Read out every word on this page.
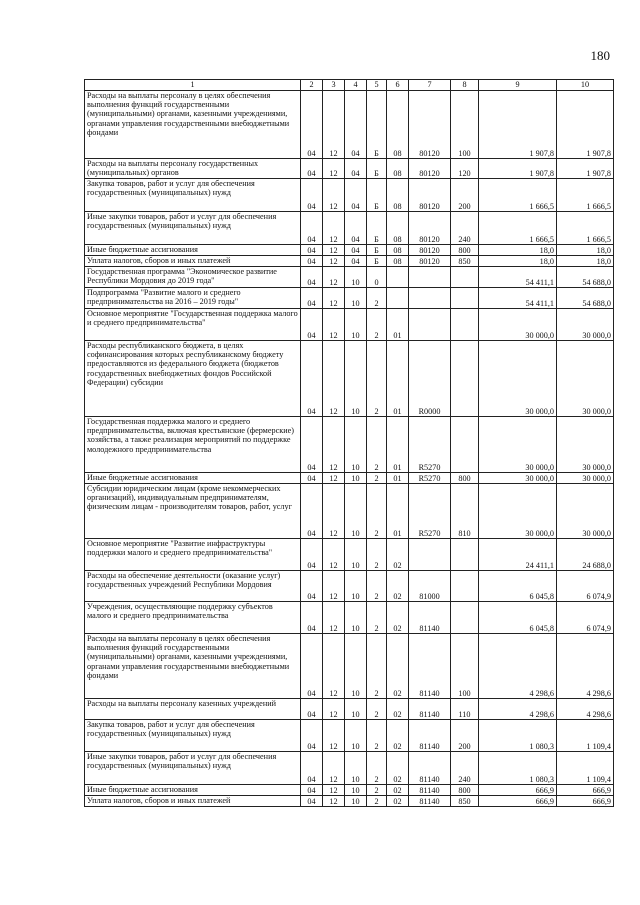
180
1	2	3	4	5	6	7	8	9	10
Расходы на выплаты персоналу в целях обеспечения выполнения функций государственными (муниципальными) органами, казенными учреждениями, органами управления государственными внебюджетными фондами	04	12	04	Б	08	80120	100	1 907,8	1 907,8
Расходы на выплаты персоналу государственных (муниципальных) органов	04	12	04	Б	08	80120	120	1 907,8	1 907,8
Закупка товаров, работ и услуг для обеспечения государственных (муниципальных) нужд	04	12	04	Б	08	80120	200	1 666,5	1 666,5
Иные закупки товаров, работ и услуг для обеспечения государственных (муниципальных) нужд	04	12	04	Б	08	80120	240	1 666,5	1 666,5
Иные бюджетные ассигнования	04	12	04	Б	08	80120	800	18,0	18,0
Уплата налогов, сборов и иных платежей	04	12	04	Б	08	80120	850	18,0	18,0
Государственная программа "Экономическое развитие Республики Мордовия до 2019 года"	04	12	10	0				54 411,1	54 688,0
Подпрограмма "Развитие малого и среднего предпринимательства на 2016 – 2019 годы"	04	12	10	2				54 411,1	54 688,0
Основное мероприятие "Государственная поддержка малого и среднего предпринимательства"	04	12	10	2	01			30 000,0	30 000,0
Расходы республиканского бюджета, в целях софинансирования которых республиканскому бюджету предоставляются из федерального бюджета (бюджетов государственных внебюджетных фондов Российской Федерации) субсидии	04	12	10	2	01	R0000		30 000,0	30 000,0
Государственная поддержка малого и среднего предпринимательства, включая крестьянские (фермерские) хозяйства, а также реализация мероприятий по поддержке молодежного предпринимательства	04	12	10	2	01	R5270		30 000,0	30 000,0
Иные бюджетные ассигнования	04	12	10	2	01	R5270	800	30 000,0	30 000,0
Субсидии юридическим лицам (кроме некоммерческих организаций), индивидуальным предпринимателям, физическим лицам - производителям товаров, работ, услуг	04	12	10	2	01	R5270	810	30 000,0	30 000,0
Основное мероприятие "Развитие инфраструктуры поддержки малого и среднего предпринимательства"	04	12	10	2	02			24 411,1	24 688,0
Расходы на обеспечение деятельности (оказание услуг) государственных учреждений Республики Мордовия	04	12	10	2	02	81000		6 045,8	6 074,9
Учреждения, осуществляющие поддержку субъектов малого и среднего предпринимательства	04	12	10	2	02	81140		6 045,8	6 074,9
Расходы на выплаты персоналу в целях обеспечения выполнения функций государственными (муниципальными) органами, казенными учреждениями, органами управления государственными внебюджетными фондами	04	12	10	2	02	81140	100	4 298,6	4 298,6
Расходы на выплаты персоналу казенных учреждений	04	12	10	2	02	81140	110	4 298,6	4 298,6
Закупка товаров, работ и услуг для обеспечения государственных (муниципальных) нужд	04	12	10	2	02	81140	200	1 080,3	1 109,4
Иные закупки товаров, работ и услуг для обеспечения государственных (муниципальных) нужд	04	12	10	2	02	81140	240	1 080,3	1 109,4
Иные бюджетные ассигнования	04	12	10	2	02	81140	800	666,9	666,9
Уплата налогов, сборов и иных платежей	04	12	10	2	02	81140	850	666,9	666,9
